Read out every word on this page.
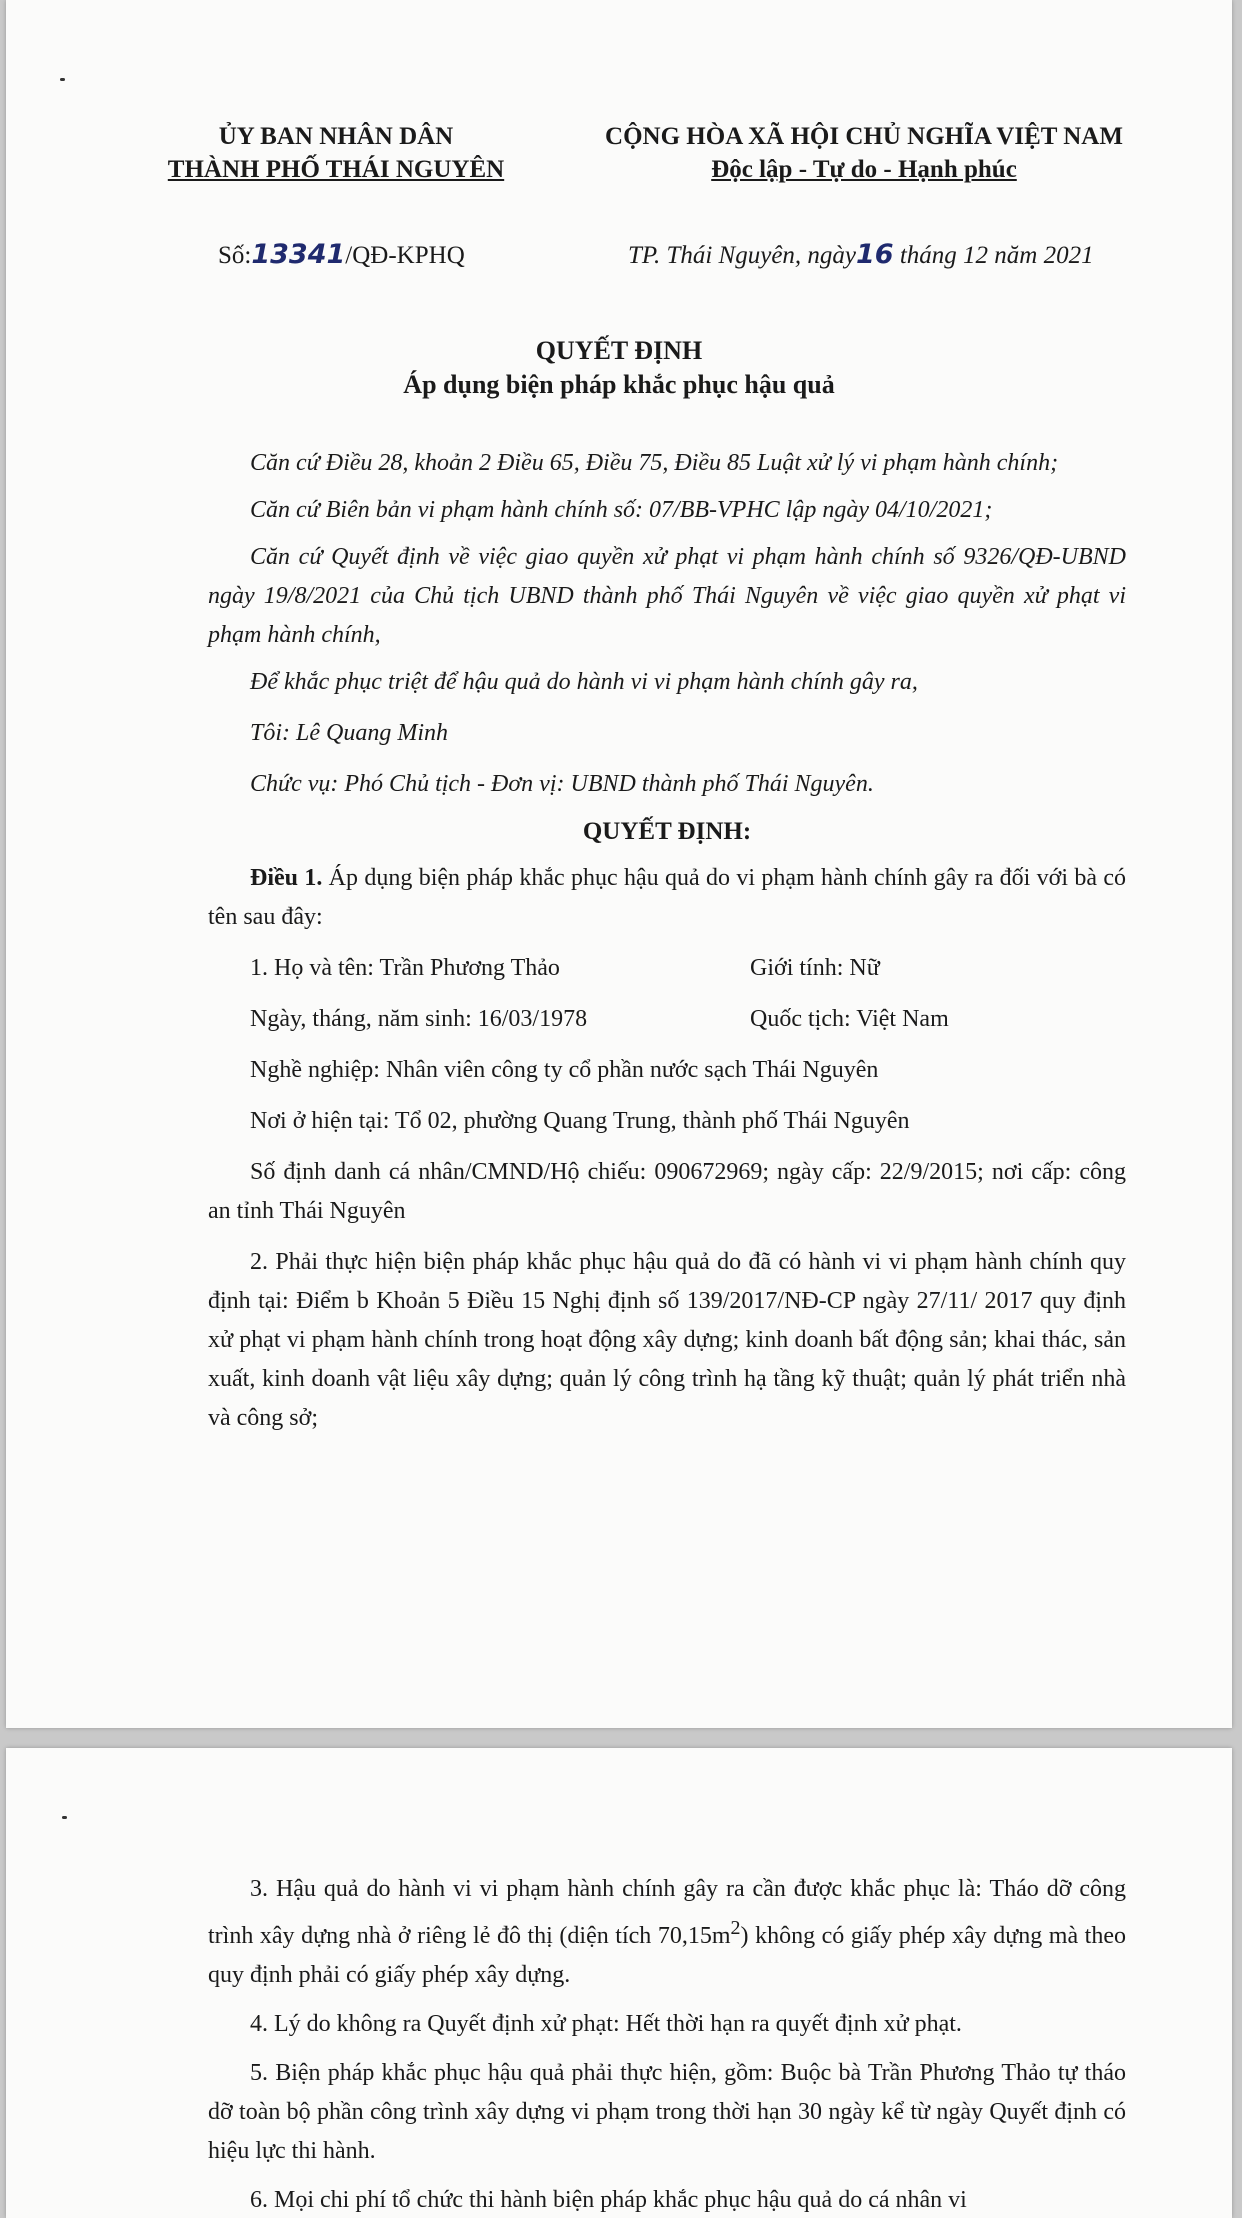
ỦY BAN NHÂN DÂN
THÀNH PHỐ THÁI NGUYÊN
CỘNG HÒA XÃ HỘI CHỦ NGHĨA VIỆT NAM
Độc lập - Tự do - Hạnh phúc
Số:13341/QĐ-KPHQ	TP. Thái Nguyên, ngày16 tháng 12 năm 2021
QUYẾT ĐỊNH
Áp dụng biện pháp khắc phục hậu quả

Căn cứ Điều 28, khoản 2 Điều 65, Điều 75, Điều 85 Luật xử lý vi phạm hành chính;

Căn cứ Biên bản vi phạm hành chính số: 07/BB-VPHC lập ngày 04/10/2021;

Căn cứ Quyết định về việc giao quyền xử phạt vi phạm hành chính số 9326/QĐ-UBND ngày 19/8/2021 của Chủ tịch UBND thành phố Thái Nguyên về việc giao quyền xử phạt vi phạm hành chính,

Để khắc phục triệt để hậu quả do hành vi vi phạm hành chính gây ra,

Tôi: Lê Quang Minh

Chức vụ: Phó Chủ tịch - Đơn vị: UBND thành phố Thái Nguyên.

QUYẾT ĐỊNH:

Điều 1. Áp dụng biện pháp khắc phục hậu quả do vi phạm hành chính gây ra đối với bà có tên sau đây:

1. Họ và tên: Trần Phương Thảo	Giới tính: Nữ
Ngày, tháng, năm sinh: 16/03/1978	Quốc tịch: Việt Nam

Nghề nghiệp: Nhân viên công ty cổ phần nước sạch Thái Nguyên

Nơi ở hiện tại: Tổ 02, phường Quang Trung, thành phố Thái Nguyên

Số định danh cá nhân/CMND/Hộ chiếu: 090672969; ngày cấp: 22/9/2015; nơi cấp: công an tỉnh Thái Nguyên

2. Phải thực hiện biện pháp khắc phục hậu quả do đã có hành vi vi phạm hành chính quy định tại: Điểm b Khoản 5 Điều 15 Nghị định số 139/2017/NĐ-CP ngày 27/11/ 2017 quy định xử phạt vi phạm hành chính trong hoạt động xây dựng; kinh doanh bất động sản; khai thác, sản xuất, kinh doanh vật liệu xây dựng; quản lý công trình hạ tầng kỹ thuật; quản lý phát triển nhà và công sở;

3. Hậu quả do hành vi vi phạm hành chính gây ra cần được khắc phục là: Tháo dỡ công trình xây dựng nhà ở riêng lẻ đô thị (diện tích $70,15m^2$) không có giấy phép xây dựng mà theo quy định phải có giấy phép xây dựng.

4. Lý do không ra Quyết định xử phạt: Hết thời hạn ra quyết định xử phạt.

5. Biện pháp khắc phục hậu quả phải thực hiện, gồm: Buộc bà Trần Phương Thảo tự tháo dỡ toàn bộ phần công trình xây dựng vi phạm trong thời hạn 30 ngày kể từ ngày Quyết định có hiệu lực thi hành.

6. Mọi chi phí tổ chức thi hành biện pháp khắc phục hậu quả do cá nhân vi
